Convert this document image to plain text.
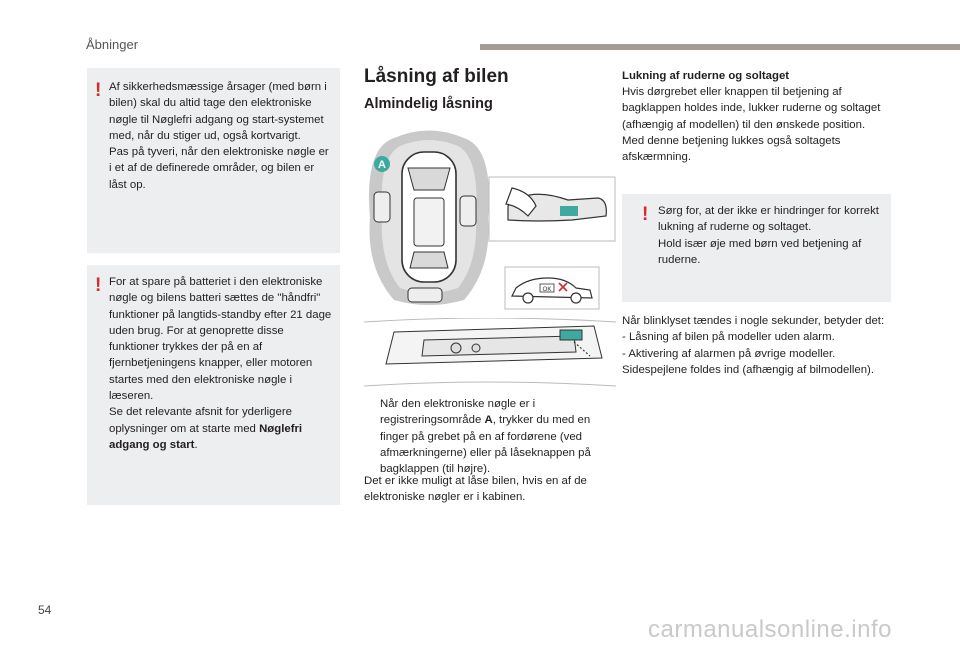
Åbninger
! Af sikkerhedsmæssige årsager (med børn i bilen) skal du altid tage den elektroniske nøgle til Nøglefri adgang og start-systemet med, når du stiger ud, også kortvarigt.
Pas på tyveri, når den elektroniske nøgle er i et af de definerede områder, og bilen er låst op.

! For at spare på batteriet i den elektroniske nøgle og bilens batteri sættes de "håndfri" funktioner på langtids-standby efter 21 dage uden brug. For at genoprette disse funktioner trykkes der på en af fjernbetjeningens knapper, eller motoren startes med den elektroniske nøgle i læseren.
Se det relevante afsnit for yderligere oplysninger om at starte med Nøglefri adgang og start.

Låsning af bilen
Almindelig låsning
A
OK
Når den elektroniske nøgle er i registreringsområde A, trykker du med en finger på grebet på en af fordørene (ved afmærkningerne) eller på låseknappen på bagklappen (til højre).

Det er ikke muligt at låse bilen, hvis en af de elektroniske nøgler er i kabinen.

Lukning af ruderne og soltaget

Hvis dørgrebet eller knappen til betjening af bagklappen holdes inde, lukker ruderne og soltaget (afhængig af modellen) til den ønskede position.
Med denne betjening lukkes også soltagets afskærmning.

! Sørg for, at der ikke er hindringer for korrekt lukning af ruderne og soltaget.
Hold især øje med børn ved betjening af ruderne.

Når blinklyset tændes i nogle sekunder, betyder det:
- Låsning af bilen på modeller uden alarm.
- Aktivering af alarmen på øvrige modeller.
Sidespejlene foldes ind (afhængig af bilmodellen).

54
carmanualsonline.info
